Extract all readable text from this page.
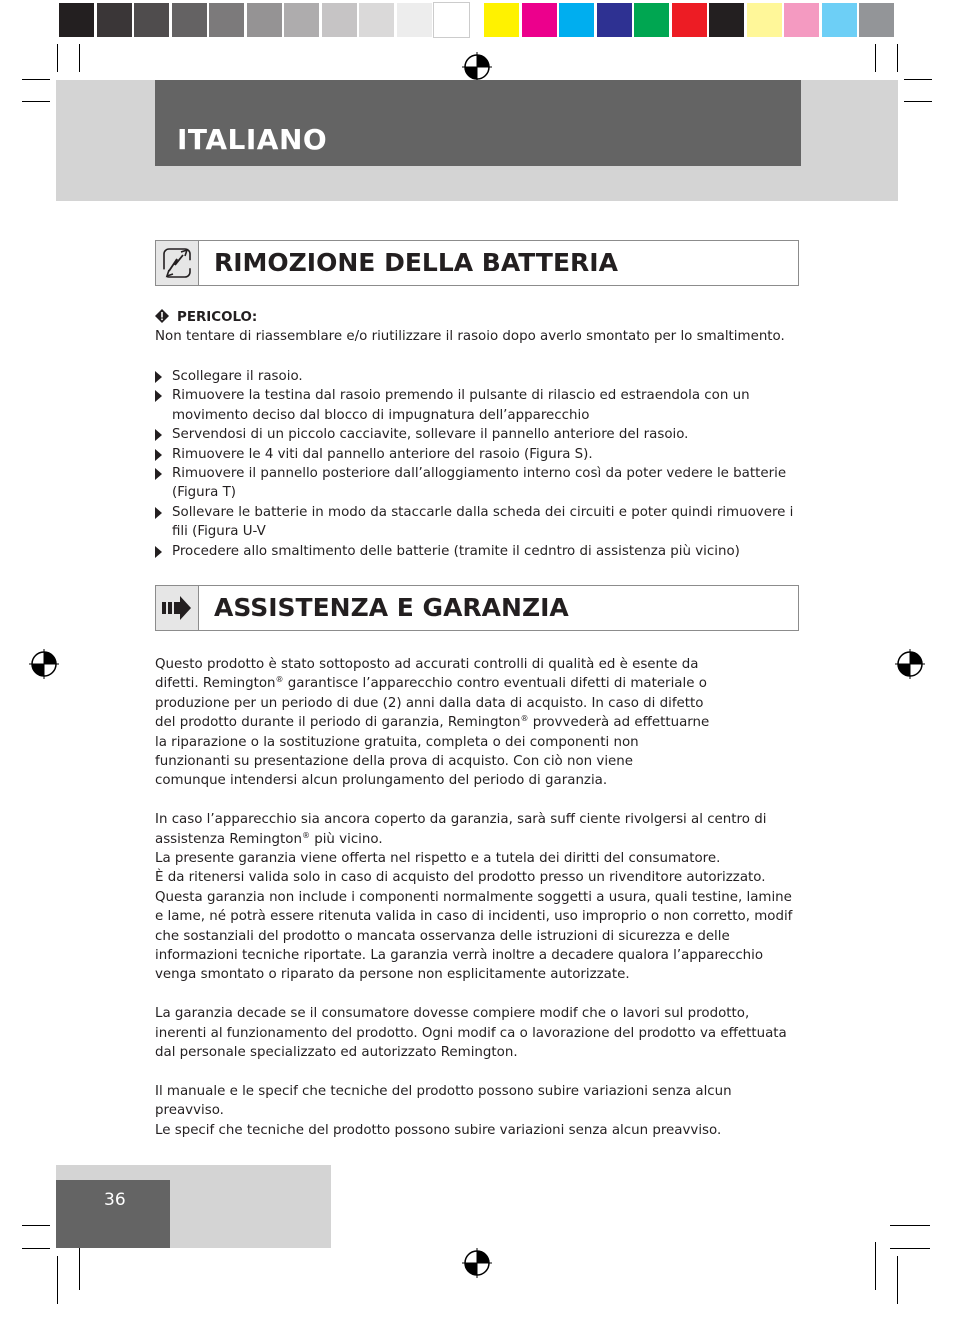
ITALIANO
RIMOZIONE DELLA BATTERIA
PERICOLO:

Non tentare di riassemblare e/o riutilizzare il rasoio dopo averlo smontato per lo smaltimento.

Scollegare il rasoio.
Rimuovere la testina dal rasoio premendo il pulsante di rilascio ed estraendola con un movimento deciso dal blocco di impugnatura dell’apparecchio
Servendosi di un piccolo cacciavite, sollevare il pannello anteriore del rasoio.
Rimuovere le 4 viti dal pannello anteriore del rasoio (Figura S).
Rimuovere il pannello posteriore dall’alloggiamento interno così da poter vedere le batterie (Figura T)
Sollevare le batterie in modo da staccarle dalla scheda dei circuiti e poter quindi rimuovere i fili (Figura U-V
Procedere allo smaltimento delle batterie (tramite il cedntro di assistenza più vicino)
ASSISTENZA E GARANZIA

Questo prodotto è stato sottoposto ad accurati controlli di qualità ed è esente da
difetti. Remington® garantisce l’apparecchio contro eventuali difetti di materiale o
produzione per un periodo di due (2) anni dalla data di acquisto. In caso di difetto
del prodotto durante il periodo di garanzia, Remington® provvederà ad effettuarne
la riparazione o la sostituzione gratuita, completa o dei componenti non
funzionanti su presentazione della prova di acquisto. Con ciò non viene
comunque intendersi alcun prolungamento del periodo di garanzia.

In caso l’apparecchio sia ancora coperto da garanzia, sarà suff ciente rivolgersi al centro di assistenza Remington® più vicino.
La presente garanzia viene offerta nel rispetto e a tutela dei diritti del consumatore.
È da ritenersi valida solo in caso di acquisto del prodotto presso un rivenditore autorizzato.
Questa garanzia non include i componenti normalmente soggetti a usura, quali testine, lamine e lame, né potrà essere ritenuta valida in caso di incidenti, uso improprio o non corretto, modif che sostanziali del prodotto o mancata osservanza delle istruzioni di sicurezza e delle informazioni tecniche riportate. La garanzia verrà inoltre a decadere qualora l’apparecchio venga smontato o riparato da persone non esplicitamente autorizzate.

La garanzia decade se il consumatore dovesse compiere modif che o lavori sul prodotto, inerenti al funzionamento del prodotto. Ogni modif ca o lavorazione del prodotto va effettuata dal personale specializzato ed autorizzato Remington.

Il manuale e le specif che tecniche del prodotto possono subire variazioni senza alcun preavviso.
Le specif che tecniche del prodotto possono subire variazioni senza alcun preavviso.

36
